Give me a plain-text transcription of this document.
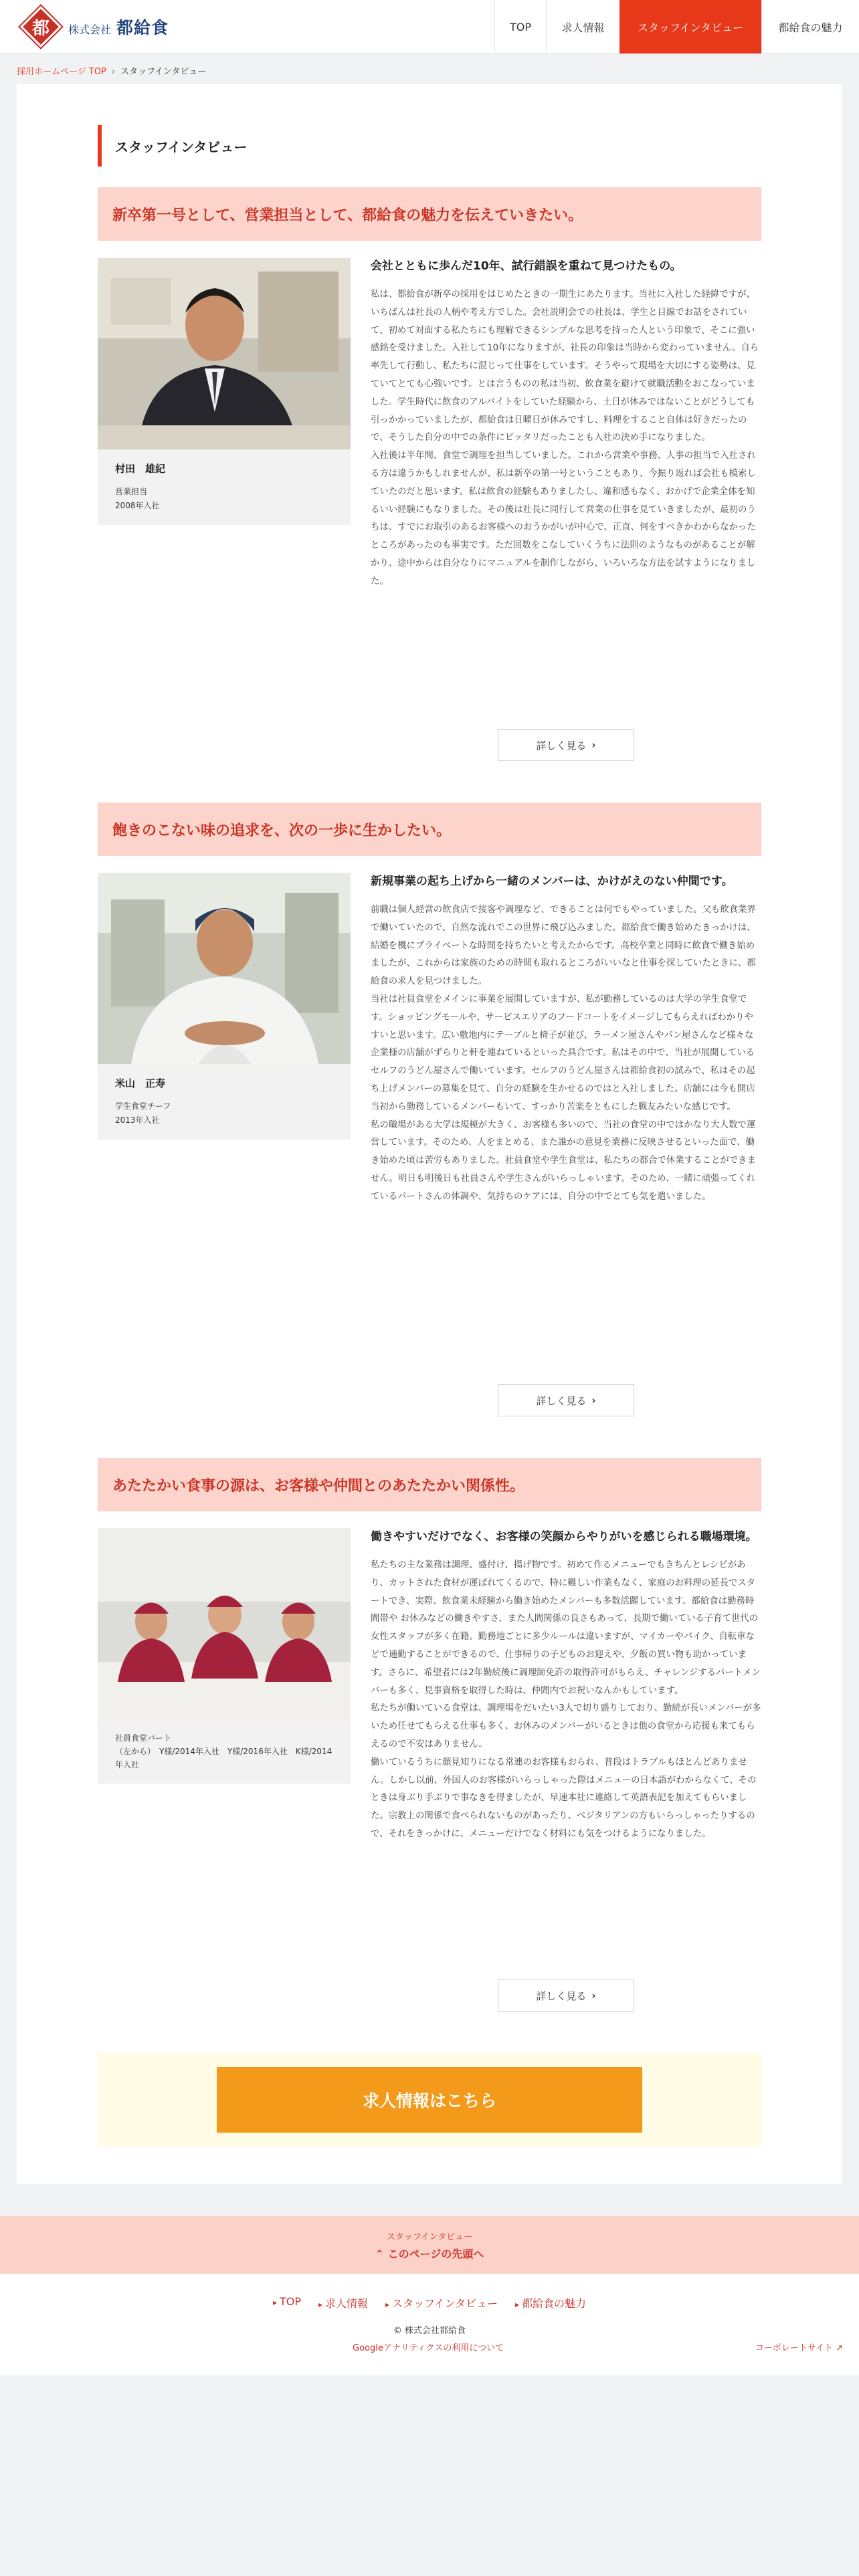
都	株式会社 都給食	TOP	求人情報	スタッフインタビュー	都給食の魅力
採用ホームページ TOP › スタッフインタビュー
スタッフインタビュー
新卒第一号として、営業担当として、都給食の魅力を伝えていきたい。
村田　雄紀
営業担当
2008年入社
会社とともに歩んだ10年、試行錯誤を重ねて見つけたもの。

私は、都給食が新卒の採用をはじめたときの一期生にあたります。当社に入社した経緯ですが、いちばんは社長の人柄や考え方でした。会社説明会での社長は、学生と目線でお話をされていて、初めて対面する私たちにも理解できるシンプルな思考を持った人という印象で、そこに強い感銘を受けました。入社して10年になりますが、社長の印象は当時から変わっていません。自ら率先して行動し、私たちに混じって仕事をしています。そうやって現場を大切にする姿勢は、見ていてとても心強いです。とは言うものの私は当初、飲食業を避けて就職活動をおこなっていました。学生時代に飲食のアルバイトをしていた経験から、土日が休みではないことがどうしても引っかかっていましたが、都給食は日曜日が休みですし、料理をすること自体は好きだったので、そうした自分の中での条件にピッタリだったことも入社の決め手になりました。

入社後は半年間、食堂で調理を担当していました。これから営業や事務、人事の担当で入社される方は違うかもしれませんが、私は新卒の第一号ということもあり、今振り返れば会社も模索していたのだと思います。私は飲食の経験もありましたし、違和感もなく、おかげで企業全体を知るいい経験にもなりました。その後は社長に同行して営業の仕事を見ていきましたが、最初のうちは、すでにお取引のあるお客様へのおうかがいが中心で、正直、何をすべきかわからなかったところがあったのも事実です。ただ回数をこなしていくうちに法則のようなものがあることが解かり、途中からは自分なりにマニュアルを制作しながら、いろいろな方法を試すようになりました。

詳しく見る ›
飽きのこない味の追求を、次の一歩に生かしたい。
米山　正寿
学生食堂チーフ
2013年入社
新規事業の起ち上げから一緒のメンバーは、かけがえのない仲間です。

前職は個人経営の飲食店で接客や調理など、できることは何でもやっていました。父も飲食業界で働いていたので、自然な流れでこの世界に飛び込みました。都給食で働き始めたきっかけは、結婚を機にプライベートな時間を持ちたいと考えたからです。高校卒業と同時に飲食で働き始めましたが、これからは家族のための時間も取れるところがいいなと仕事を探していたときに、都給食の求人を見つけました。

当社は社員食堂をメインに事業を展開していますが、私が勤務しているのは大学の学生食堂です。ショッピングモールや、サービスエリアのフードコートをイメージしてもらえればわかりやすいと思います。広い敷地内にテーブルと椅子が並び、ラーメン屋さんやパン屋さんなど様々な企業様の店舗がずらりと軒を連ねているといった具合です。私はその中で、当社が展開しているセルフのうどん屋さんで働いています。セルフのうどん屋さんは都給食初の試みで、私はその起ち上げメンバーの募集を見て、自分の経験を生かせるのではと入社しました。店舗には今も開店当初から勤務しているメンバーもいて、すっかり苦楽をともにした戦友みたいな感じです。

私の職場がある大学は規模が大きく、お客様も多いので、当社の食堂の中ではかなり大人数で運営しています。そのため、人をまとめる、また誰かの意見を業務に反映させるといった面で、働き始めた頃は苦労もありました。社員食堂や学生食堂は、私たちの都合で休業することができません。明日も明後日も社員さんや学生さんがいらっしゃいます。そのため、一緒に頑張ってくれているパートさんの体調や、気持ちのケアには、自分の中でとても気を遣いました。

詳しく見る ›
あたたかい食事の源は、お客様や仲間とのあたたかい関係性。
社員食堂パート
（左から）　Y様/2014年入社　Y様/2016年入社　K様/2014年入社
働きやすいだけでなく、お客様の笑顔からやりがいを感じられる職場環境。

私たちの主な業務は調理、盛付け、揚げ物です。初めて作るメニューでもきちんとレシピがあり、カットされた食材が運ばれてくるので、特に難しい作業もなく、家庭のお料理の延長でスタートでき、実際、飲食業未経験から働き始めたメンバーも多数活躍しています。都給食は勤務時間帯や お休みなどの働きやすさ、また人間関係の良さもあって、長期で働いている子育て世代の女性スタッフが多く在籍。勤務地ごとに多少ルールは違いますが、マイカーやバイク、自転車などで通勤することができるので、仕事帰りの子どものお迎えや、夕飯の買い物も助かっています。さらに、希望者には2年勤続後に調理師免許の取得許可がもらえ、チャレンジするパートメンバーも多く、見事資格を取得した時は、仲間内でお祝いなんかもしています。

私たちが働いている食堂は、調理場をだいたい3人で切り盛りしており、勤続が長いメンバーが多いため任せてもらえる仕事も多く、お休みのメンバーがいるときは他の食堂から応援も来てもらえるので不安はありません。

働いているうちに顔見知りになる常連のお客様もおられ、普段はトラブルもほとんどありません。しかし以前、外国人のお客様がいらっしゃった際はメニューの日本語がわからなくて、そのときは身ぶり手ぶりで事なきを得ましたが、早速本社に連絡して英語表記を加えてもらいました。宗教上の関係で食べられないものがあったり、ベジタリアンの方もいらっしゃったりするので、それをきっかけに、メニューだけでなく材料にも気をつけるようになりました。

詳しく見る ›
求人情報はこちら
スタッフインタビュー
⌃ このページの先頭へ
▸ TOP ▸ 求人情報 ▸ スタッフインタビュー ▸ 都給食の魅力
© 株式会社都給食
Googleアナリティクスの利用について	コーポレートサイト ↗
